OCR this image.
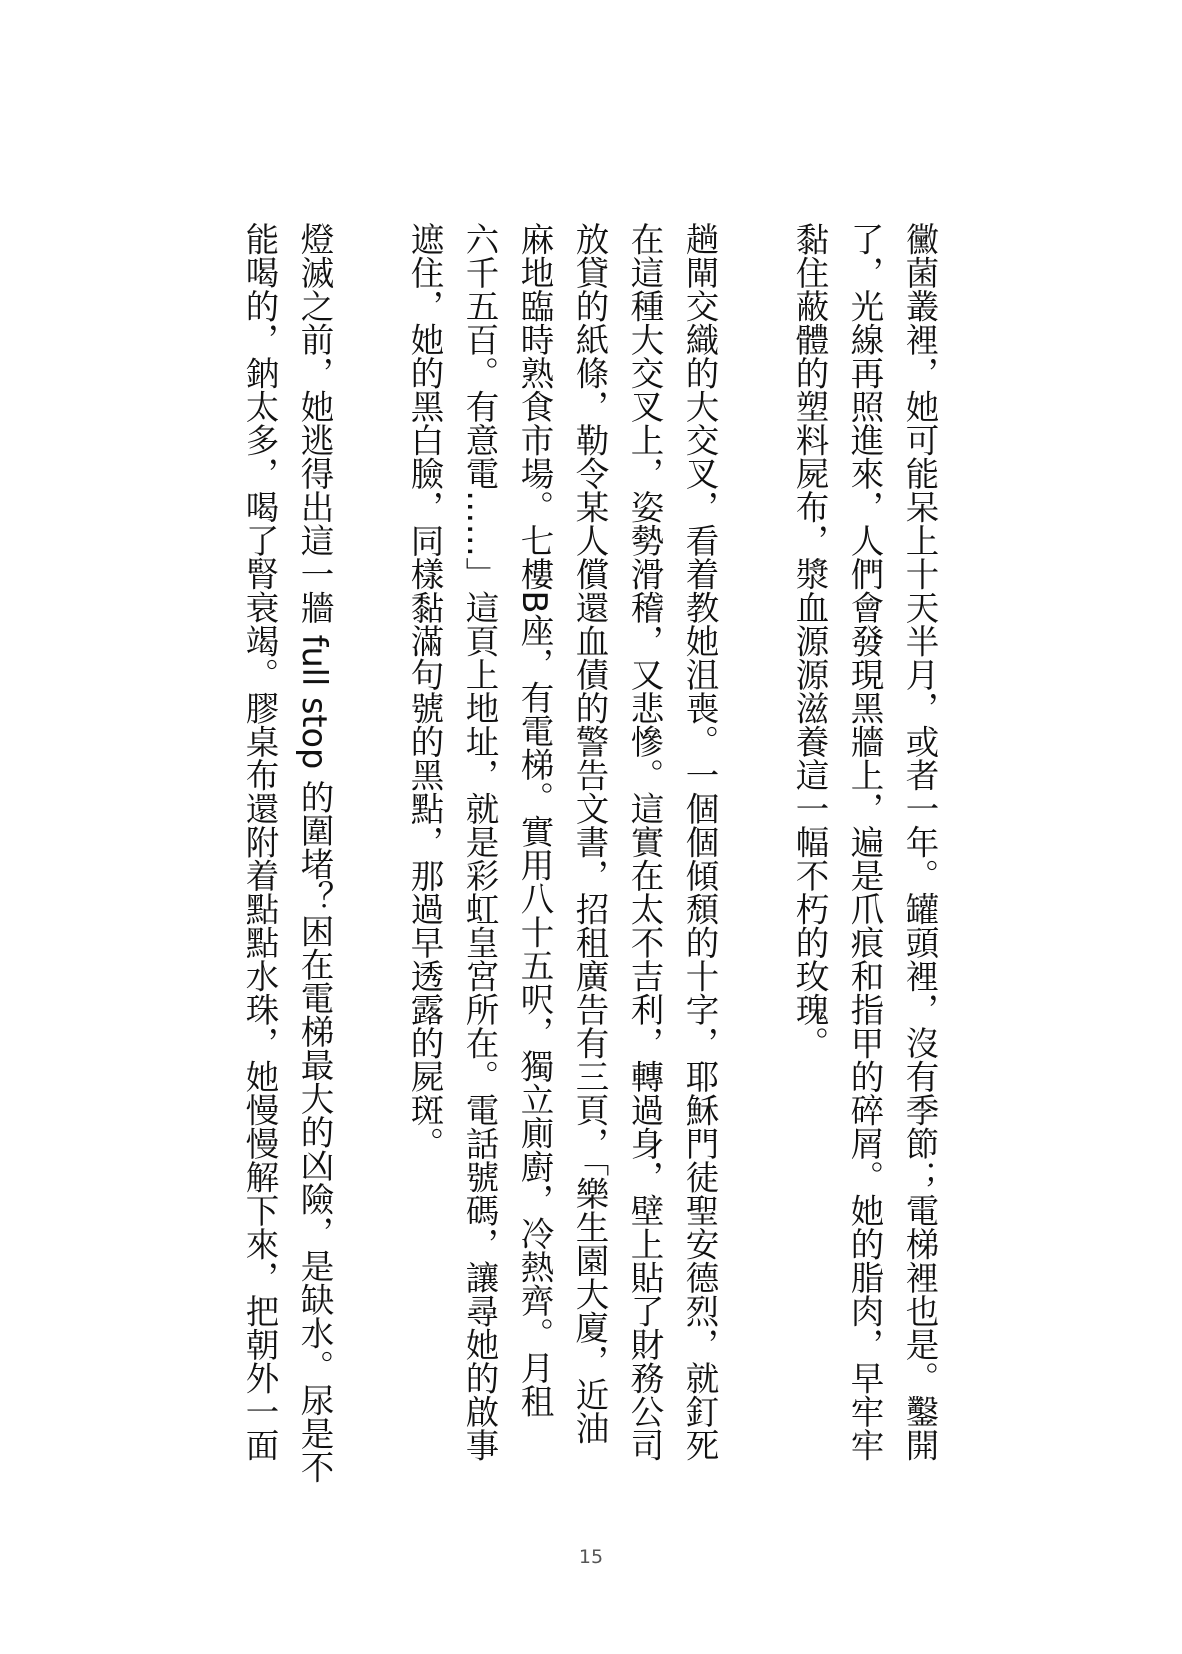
黴菌叢裡，她可能呆上十天半月，或者一年。罐頭裡，沒有季節；電梯裡也是。鑿開
了，光線再照進來，人們會發現黑牆上，遍是爪痕和指甲的碎屑。她的脂肉，早牢牢
黏住蔽體的塑料屍布，漿血源源滋養這一幅不朽的玫瑰。
趟閘交織的大交叉，看着教她沮喪。一個個傾頹的十字，耶穌門徒聖安德烈，就釘死
在這種大交叉上，姿勢滑稽，又悲慘。這實在太不吉利，轉過身，壁上貼了財務公司
放貸的紙條，勒令某人償還血債的警告文書，招租廣告有三頁，「樂生園大廈，近油
麻地臨時熟食市場。七樓B座，有電梯。實用八十五呎，獨立廁廚，冷熱齊。月租
六千五百。有意電……」這頁上地址，就是彩虹皇宮所在。電話號碼，讓尋她的啟事
遮住，她的黑白臉，同樣黏滿句號的黑點，那過早透露的屍斑。
燈滅之前，她逃得出這一牆 full stop 的圍堵？困在電梯最大的凶險，是缺水。尿是不
能喝的，鈉太多，喝了腎衰竭。膠桌布還附着點點水珠，她慢慢解下來，把朝外一面
15
